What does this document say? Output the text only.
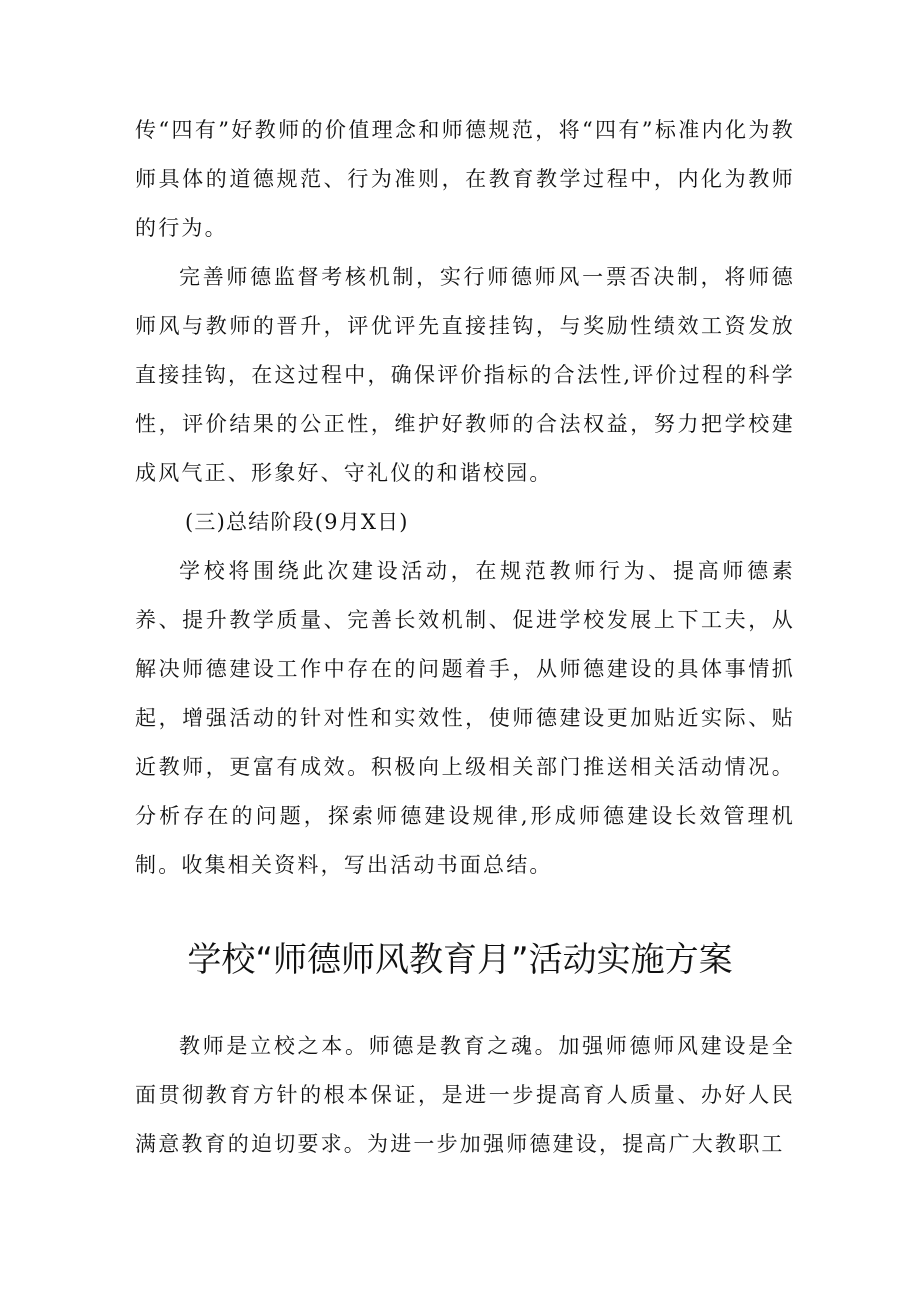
传“四有”好教师的价值理念和师德规范，将“四有”标准内化为教师具体的道德规范、行为准则，在教育教学过程中，内化为教师的行为。

完善师德监督考核机制，实行师德师风一票否决制，将师德师风与教师的晋升，评优评先直接挂钩，与奖励性绩效工资发放直接挂钩，在这过程中，确保评价指标的合法性,评价过程的科学性，评价结果的公正性，维护好教师的合法权益，努力把学校建成风气正、形象好、守礼仪的和谐校园。

(三)总结阶段(9月X日)

学校将围绕此次建设活动，在规范教师行为、提高师德素养、提升教学质量、完善长效机制、促进学校发展上下工夫，从解决师德建设工作中存在的问题着手，从师德建设的具体事情抓起，增强活动的针对性和实效性，使师德建设更加贴近实际、贴近教师，更富有成效。积极向上级相关部门推送相关活动情况。分析存在的问题，探索师德建设规律,形成师德建设长效管理机制。收集相关资料，写出活动书面总结。

学校“师德师风教育月”活动实施方案

教师是立校之本。师德是教育之魂。加强师德师风建设是全面贯彻教育方针的根本保证，是进一步提高育人质量、办好人民满意教育的迫切要求。为进一步加强师德建设，提高广大教职工
